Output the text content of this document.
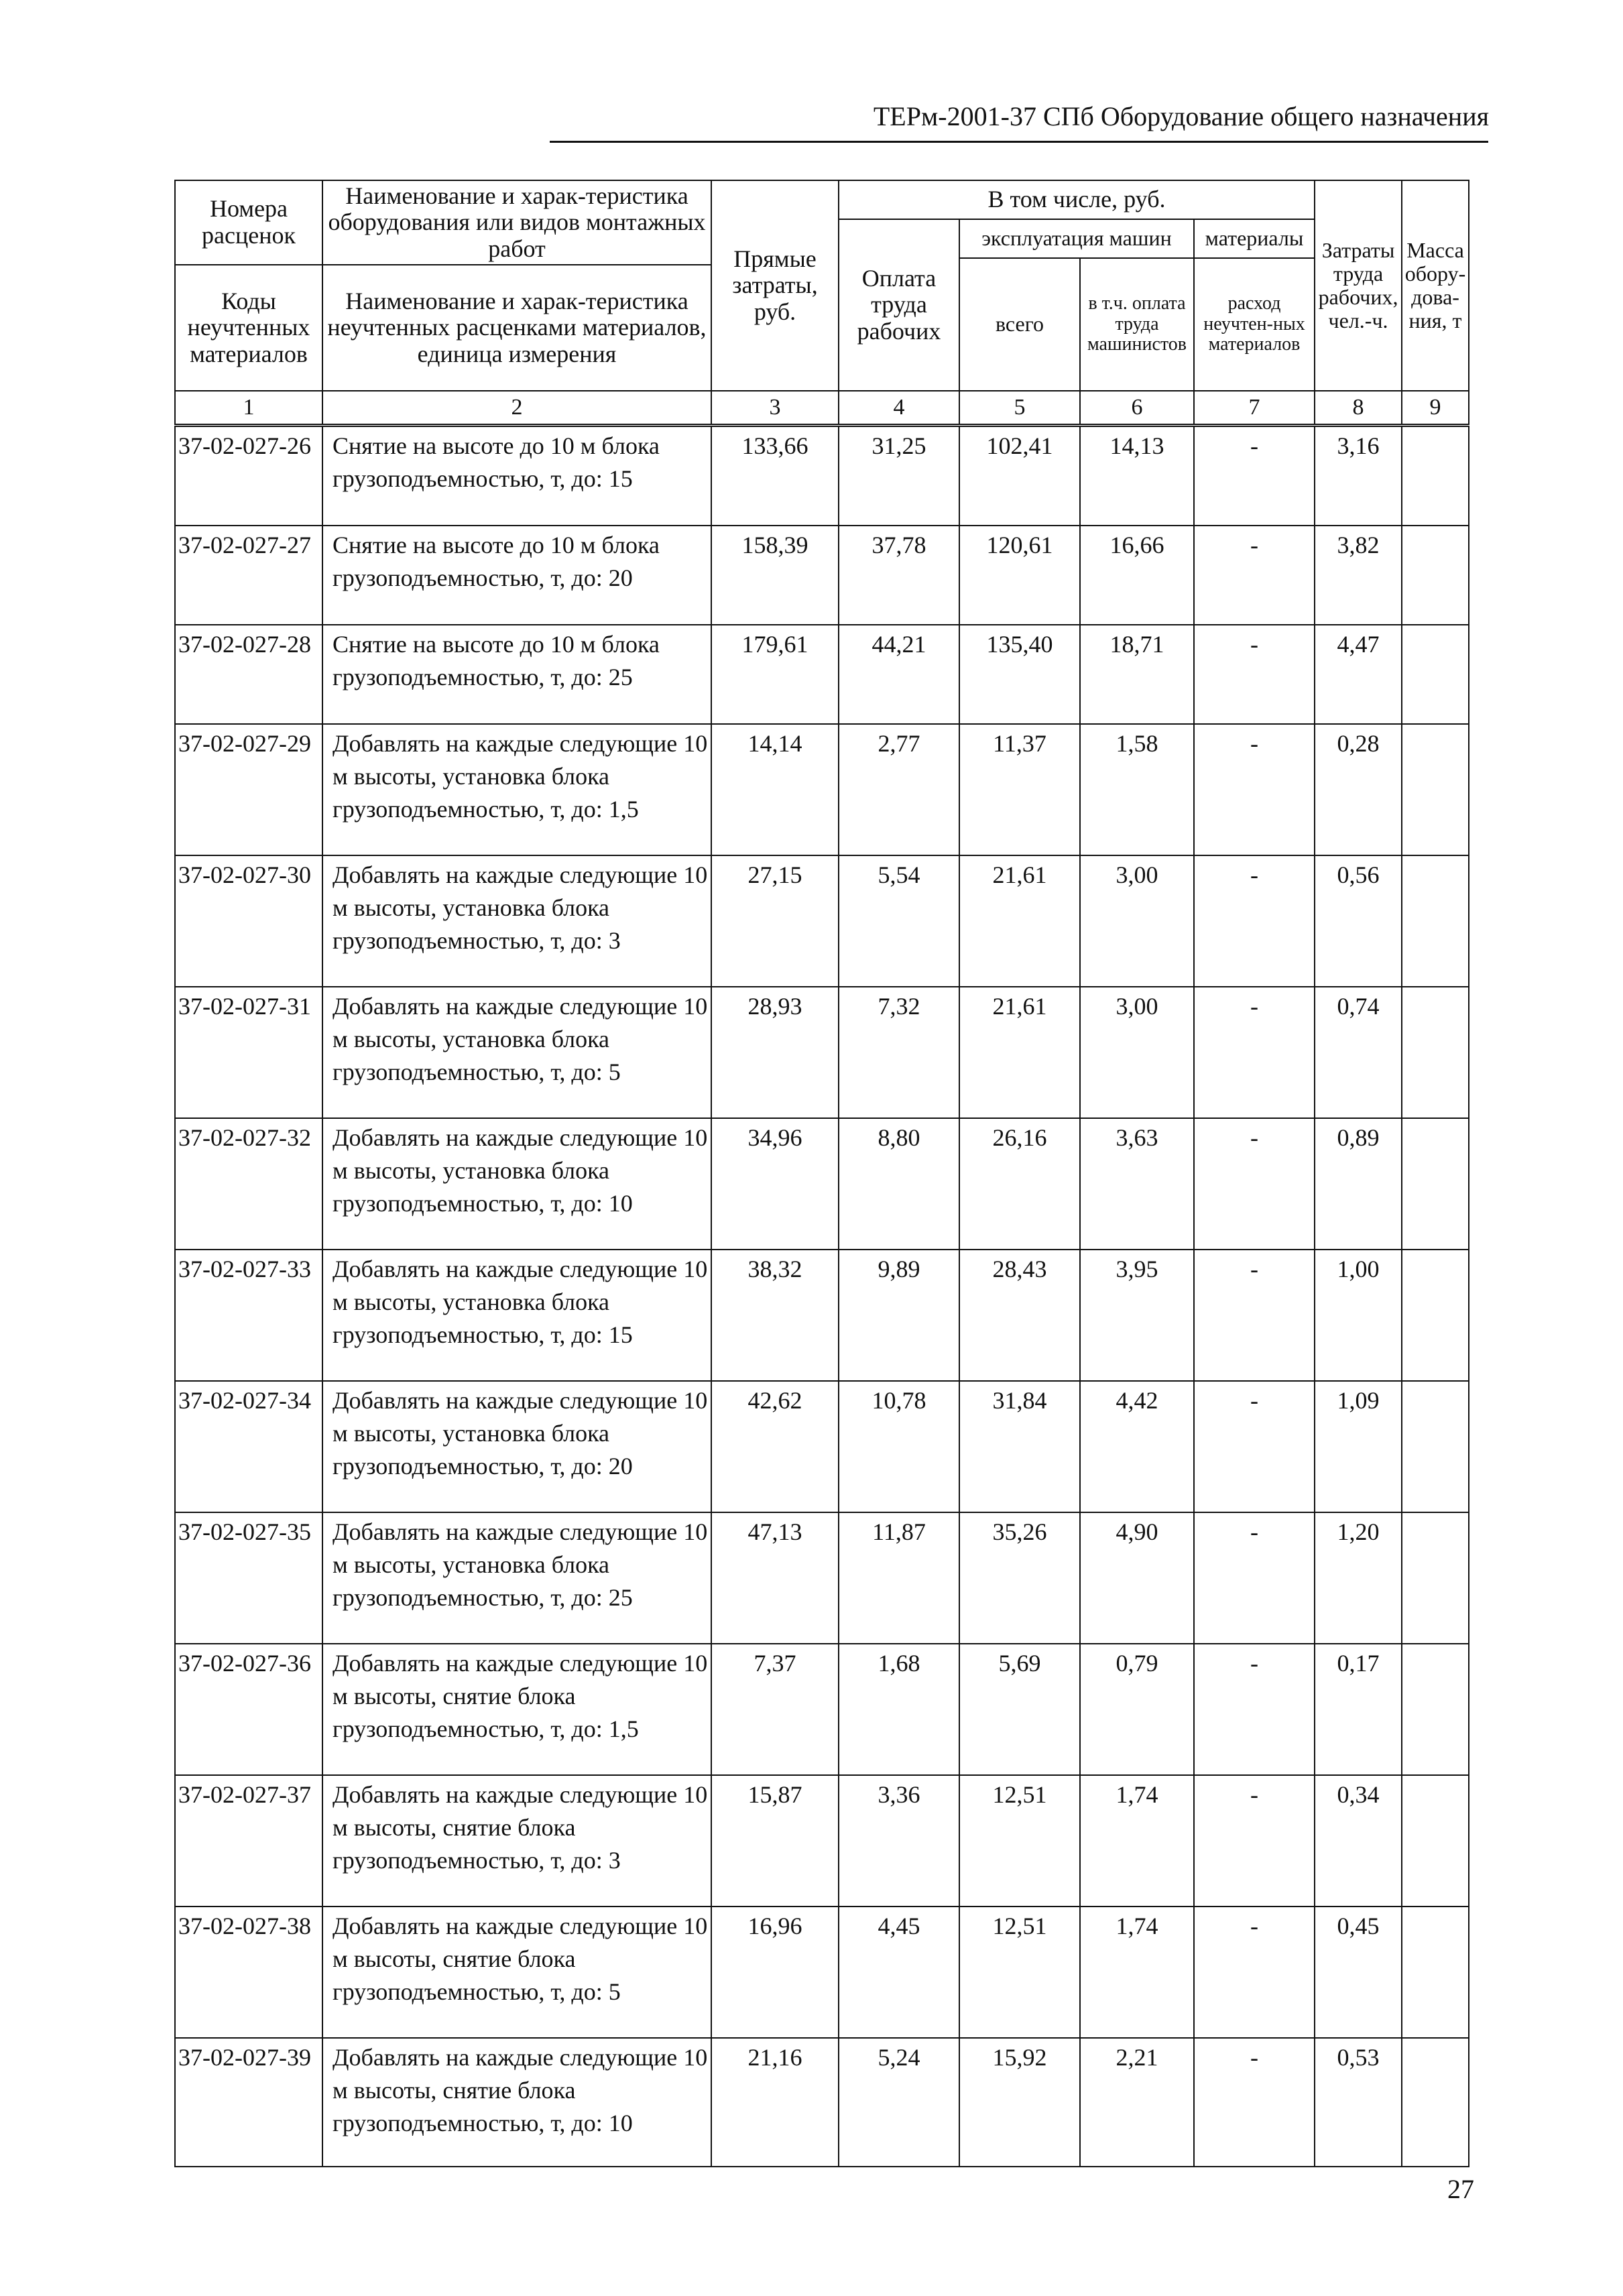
ТЕРм-2001-37 СПб Оборудование общего назначения
Номера расценок	Наименование и харак-теристика оборудования или видов монтажных работ	Прямые затраты, руб.	В том числе, руб.				Затраты труда рабочих, чел.-ч.	Масса обору-дова-ния, т
			Оплата труда рабочих	эксплуатация машин		материалы		
				всего	в т.ч. оплата труда машинистов	расход неучтен-ных материалов		
Коды неучтенных материалов	Наименование и харак-теристика неучтенных расценками материалов, единица измерения							

1	2	3	4	5	6	7	8	9
37-02-027-26	Снятие на высоте до 10 м блока грузоподъемностью, т, до: 15	133,66	31,25	102,41	14,13	-	3,16	
37-02-027-27	Снятие на высоте до 10 м блока грузоподъемностью, т, до: 20	158,39	37,78	120,61	16,66	-	3,82	
37-02-027-28	Снятие на высоте до 10 м блока грузоподъемностью, т, до: 25	179,61	44,21	135,40	18,71	-	4,47	
37-02-027-29	Добавлять на каждые следующие 10 м высоты, установка блока грузоподъемностью, т, до: 1,5	14,14	2,77	11,37	1,58	-	0,28	
37-02-027-30	Добавлять на каждые следующие 10 м высоты, установка блока грузоподъемностью, т, до: 3	27,15	5,54	21,61	3,00	-	0,56	
37-02-027-31	Добавлять на каждые следующие 10 м высоты, установка блока грузоподъемностью, т, до: 5	28,93	7,32	21,61	3,00	-	0,74	
37-02-027-32	Добавлять на каждые следующие 10 м высоты, установка блока грузоподъемностью, т, до: 10	34,96	8,80	26,16	3,63	-	0,89	
37-02-027-33	Добавлять на каждые следующие 10 м высоты, установка блока грузоподъемностью, т, до: 15	38,32	9,89	28,43	3,95	-	1,00	
37-02-027-34	Добавлять на каждые следующие 10 м высоты, установка блока грузоподъемностью, т, до: 20	42,62	10,78	31,84	4,42	-	1,09	
37-02-027-35	Добавлять на каждые следующие 10 м высоты, установка блока грузоподъемностью, т, до: 25	47,13	11,87	35,26	4,90	-	1,20	
37-02-027-36	Добавлять на каждые следующие 10 м высоты, снятие блока грузоподъемностью, т, до: 1,5	7,37	1,68	5,69	0,79	-	0,17	
37-02-027-37	Добавлять на каждые следующие 10 м высоты, снятие блока грузоподъемностью, т, до: 3	15,87	3,36	12,51	1,74	-	0,34	
37-02-027-38	Добавлять на каждые следующие 10 м высоты, снятие блока грузоподъемностью, т, до: 5	16,96	4,45	12,51	1,74	-	0,45	
37-02-027-39	Добавлять на каждые следующие 10 м высоты, снятие блока грузоподъемностью, т, до: 10	21,16	5,24	15,92	2,21	-	0,53	
27
